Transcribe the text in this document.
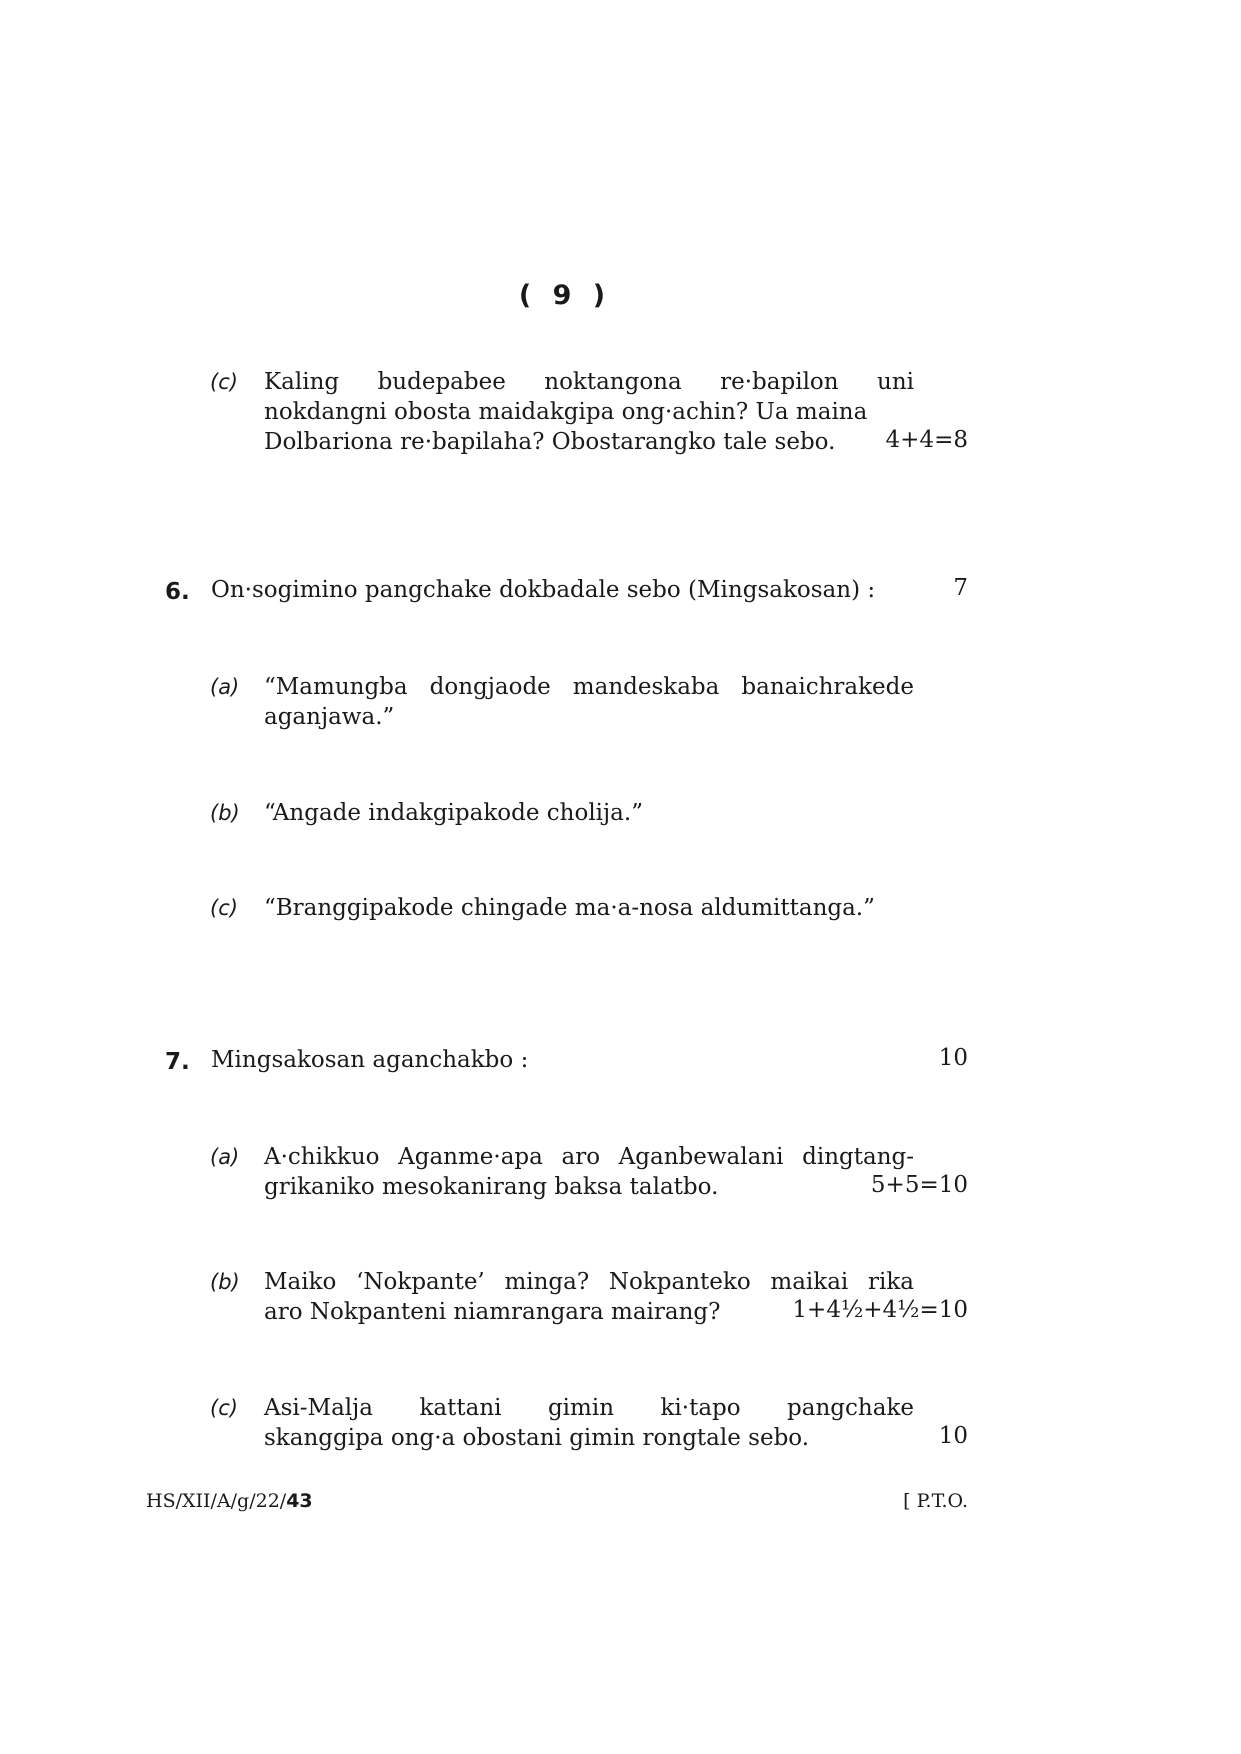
( 9 )
(c) Kaling budepabee noktangona re·bapilon uni
nokdangni obosta maidakgipa ong·achin? Ua maina
Dolbariona re·bapilaha? Obostarangko tale sebo.	4+4=8
6. On·sogimino pangchake dokbadale sebo (Mingsakosan) :	7
(a) “Mamungba dongjaode mandeskaba banaichrakede
aganjawa.”
(b) “Angade indakgipakode cholija.”
(c) “Branggipakode chingade ma·a-nosa aldumittanga.”
7. Mingsakosan aganchakbo :	10
(a) A·chikkuo Aganme·apa aro Aganbewalani dingtang-
grikaniko mesokanirang baksa talatbo.	5+5=10
(b) Maiko ‘Nokpante’ minga? Nokpanteko maikai rika
aro Nokpanteni niamrangara mairang?	1+4½+4½=10
(c) Asi-Malja kattani gimin ki·tapo pangchake
skanggipa ong·a obostani gimin rongtale sebo.	10
HS/XII/A/g/22/43	[ P.T.O.
